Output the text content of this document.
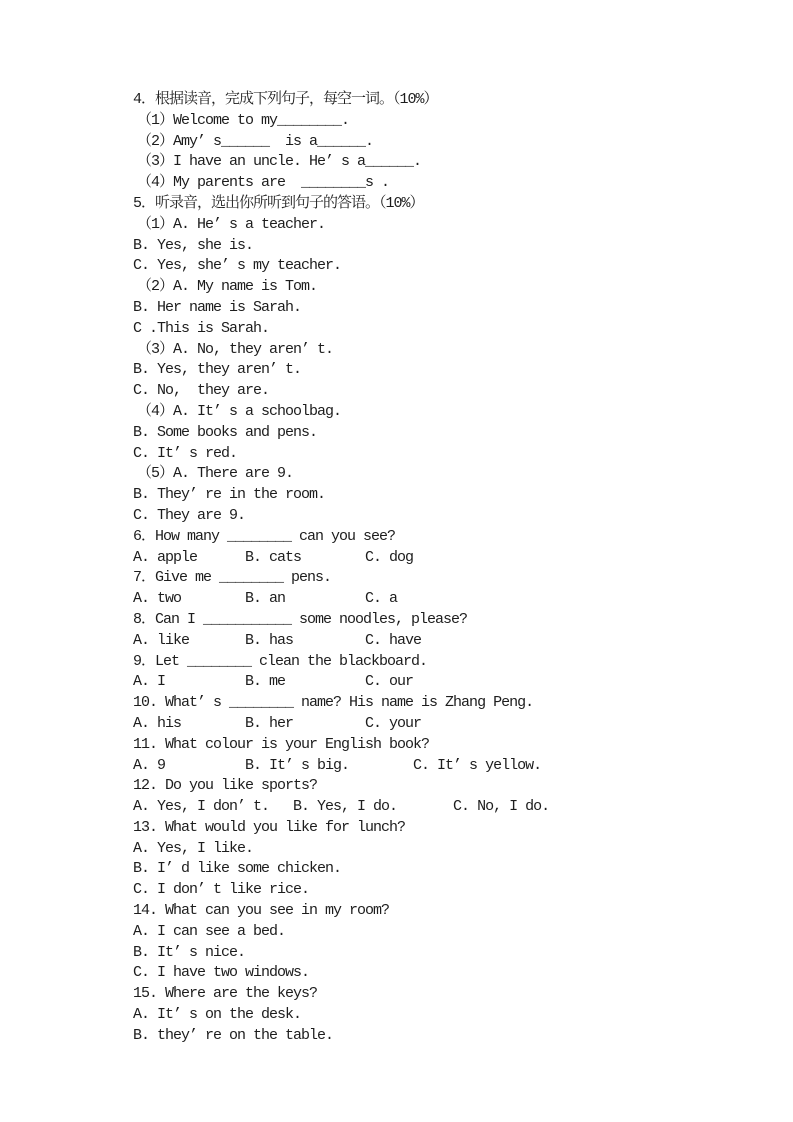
4．根据读音，完成下列句子，每空一词。（10%）
（1）Welcome to my________.
（2）Amy’ s______  is a______.
（3）I have an uncle. He’ s a______.
（4）My parents are  ________s .
5．听录音，选出你所听到句子的答语。（10%）
（1）A. He’ s a teacher.
B. Yes, she is.
C. Yes, she’ s my teacher.
（2）A. My name is Tom.
B. Her name is Sarah.
C .This is Sarah.
（3）A. No, they aren’ t.
B. Yes, they aren’ t.
C. No,  they are.
（4）A. It’ s a schoolbag.
B. Some books and pens.
C. It’ s red.
（5）A. There are 9.
B. They’ re in the room.
C. They are 9.
6．How many ________ can you see?
A. apple      B. cats        C. dog
7．Give me ________ pens.
A. two        B. an          C. a
8．Can I ___________ some noodles, please?
A. like       B. has         C. have
9．Let ________ clean the blackboard.
A. I          B. me          C. our
10. What’ s ________ name? His name is Zhang Peng.
A. his        B. her         C. your
11. What colour is your English book?
A. 9          B. It’ s big.        C. It’ s yellow.
12. Do you like sports?
A. Yes, I don’ t.   B. Yes, I do.       C. No, I do.
13. What would you like for lunch?
A. Yes, I like.
B. I’ d like some chicken.
C. I don’ t like rice.
14. What can you see in my room?
A. I can see a bed.
B. It’ s nice.
C. I have two windows.
15. Where are the keys?
A. It’ s on the desk.
B. they’ re on the table.
